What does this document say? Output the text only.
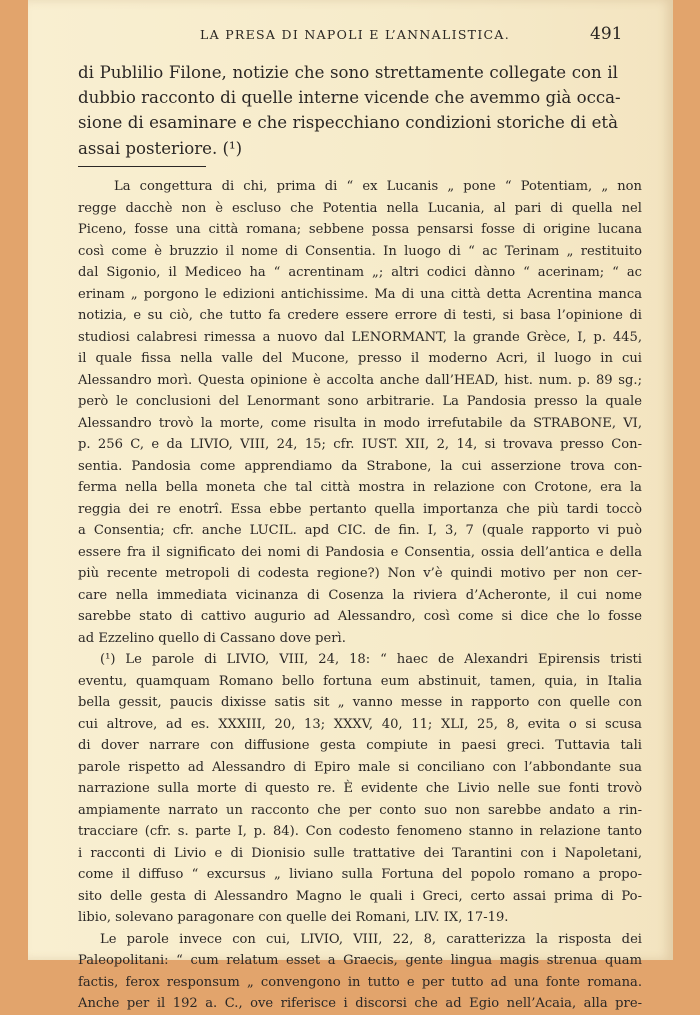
LA PRESA DI NAPOLI E L’ANNALISTICA.	491
di Publilio Filone, notizie che sono strettamente collegate con il
dubbio racconto di quelle interne vicende che avemmo già occa-
sione di esaminare e che rispecchiano condizioni storiche di età
assai posteriore. (¹)
La congettura di chi, prima di “ ex Lucanis „ pone “ Potentiam, „ non
regge dacchè non è escluso che Potentia nella Lucania, al pari di quella nel
Piceno, fosse una città romana; sebbene possa pensarsi fosse di origine lucana
così come è bruzzio il nome di Consentia. In luogo di “ ac Terinam „ restituito
dal Sigonio, il Mediceo ha “ acrentinam „; altri codici dànno “ acerinam; “ ac
erinam „ porgono le edizioni antichissime. Ma di una città detta Acrentina manca
notizia, e su ciò, che tutto fa credere essere errore di testi, si basa l’opinione di
studiosi calabresi rimessa a nuovo dal LENORMANT, la grande Grèce, I, p. 445,
il quale fissa nella valle del Mucone, presso il moderno Acri, il luogo in cui
Alessandro morì. Questa opinione è accolta anche dall’HEAD, hist. num. p. 89 sg.;
però le conclusioni del Lenormant sono arbitrarie. La Pandosia presso la quale
Alessandro trovò la morte, come risulta in modo irrefutabile da STRABONE, VI,
p. 256 C, e da LIVIO, VIII, 24, 15; cfr. IUST. XII, 2, 14, si trovava presso Con-
sentia. Pandosia come apprendiamo da Strabone, la cui asserzione trova con-
ferma nella bella moneta che tal città mostra in relazione con Crotone, era la
reggia dei re enotrî. Essa ebbe pertanto quella importanza che più tardi toccò
a Consentia; cfr. anche LUCIL. apd CIC. de fin. I, 3, 7 (quale rapporto vi può
essere fra il significato dei nomi di Pandosia e Consentia, ossia dell’antica e della
più recente metropoli di codesta regione?) Non v’è quindi motivo per non cer-
care nella immediata vicinanza di Cosenza la riviera d’Acheronte, il cui nome
sarebbe stato di cattivo augurio ad Alessandro, così come si dice che lo fosse
ad Ezzelino quello di Cassano dove perì.
(¹) Le parole di LIVIO, VIII, 24, 18: “ haec de Alexandri Epirensis tristi
eventu, quamquam Romano bello fortuna eum abstinuit, tamen, quia, in Italia
bella gessit, paucis dixisse satis sit „ vanno messe in rapporto con quelle con
cui altrove, ad es. XXXIII, 20, 13; XXXV, 40, 11; XLI, 25, 8, evita o si scusa
di dover narrare con diffusione gesta compiute in paesi greci. Tuttavia tali
parole rispetto ad Alessandro di Epiro male si conciliano con l’abbondante sua
narrazione sulla morte di questo re. È evidente che Livio nelle sue fonti trovò
ampiamente narrato un racconto che per conto suo non sarebbe andato a rin-
tracciare (cfr. s. parte I, p. 84). Con codesto fenomeno stanno in relazione tanto
i racconti di Livio e di Dionisio sulle trattative dei Tarantini con i Napoletani,
come il diffuso “ excursus „ liviano sulla Fortuna del popolo romano a propo-
sito delle gesta di Alessandro Magno le quali i Greci, certo assai prima di Po-
libio, solevano paragonare con quelle dei Romani, LIV. IX, 17-19.
Le parole invece con cui, LIVIO, VIII, 22, 8, caratterizza la risposta dei
Paleopolitani: “ cum relatum esset a Graecis, gente lingua magis strenua quam
factis, ferox responsum „ convengono in tutto e per tutto ad una fonte romana.
Anche per il 192 a. C., ove riferisce i discorsi che ad Egio nell’Acaia, alla pre-
